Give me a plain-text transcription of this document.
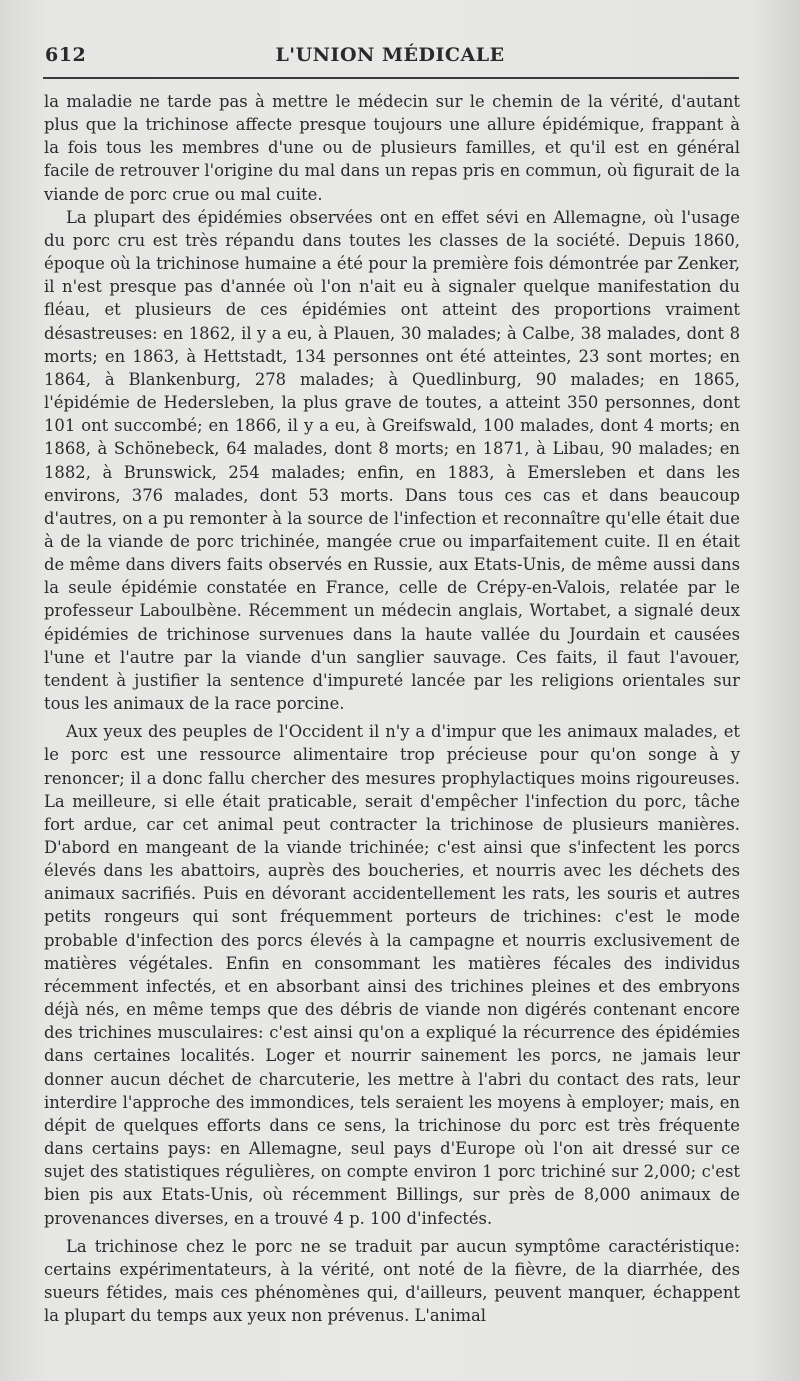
612	L'UNION MÉDICALE

la maladie ne tarde pas à mettre le médecin sur le chemin de la vérité, d'autant plus que la trichinose affecte presque toujours une allure épidémique, frappant à la fois tous les membres d'une ou de plusieurs familles, et qu'il est en général facile de retrouver l'origine du mal dans un repas pris en commun, où figurait de la viande de porc crue ou mal cuite.

La plupart des épidémies observées ont en effet sévi en Allemagne, où l'usage du porc cru est très répandu dans toutes les classes de la société. Depuis 1860, époque où la trichinose humaine a été pour la première fois démontrée par Zenker, il n'est presque pas d'année où l'on n'ait eu à signaler quelque manifestation du fléau, et plusieurs de ces épidémies ont atteint des proportions vraiment désastreuses: en 1862, il y a eu, à Plauen, 30 malades; à Calbe, 38 malades, dont 8 morts; en 1863, à Hettstadt, 134 personnes ont été atteintes, 23 sont mortes; en 1864, à Blankenburg, 278 malades; à Quedlinburg, 90 malades; en 1865, l'épidémie de Hedersleben, la plus grave de toutes, a atteint 350 personnes, dont 101 ont succombé; en 1866, il y a eu, à Greifswald, 100 malades, dont 4 morts; en 1868, à Schönebeck, 64 malades, dont 8 morts; en 1871, à Libau, 90 malades; en 1882, à Brunswick, 254 malades; enfin, en 1883, à Emersleben et dans les environs, 376 malades, dont 53 morts. Dans tous ces cas et dans beaucoup d'autres, on a pu remonter à la source de l'infection et reconnaître qu'elle était due à de la viande de porc trichinée, mangée crue ou imparfaitement cuite. Il en était de même dans divers faits observés en Russie, aux Etats-Unis, de même aussi dans la seule épidémie constatée en France, celle de Crépy-en-Valois, relatée par le professeur Laboulbène. Récemment un médecin anglais, Wortabet, a signalé deux épidémies de trichinose survenues dans la haute vallée du Jourdain et causées l'une et l'autre par la viande d'un sanglier sauvage. Ces faits, il faut l'avouer, tendent à justifier la sentence d'impureté lancée par les religions orientales sur tous les animaux de la race porcine.

Aux yeux des peuples de l'Occident il n'y a d'impur que les animaux malades, et le porc est une ressource alimentaire trop précieuse pour qu'on songe à y renoncer; il a donc fallu chercher des mesures prophylactiques moins rigoureuses. La meilleure, si elle était praticable, serait d'empêcher l'infection du porc, tâche fort ardue, car cet animal peut contracter la trichinose de plusieurs manières. D'abord en mangeant de la viande trichinée; c'est ainsi que s'infectent les porcs élevés dans les abattoirs, auprès des boucheries, et nourris avec les déchets des animaux sacrifiés. Puis en dévorant accidentellement les rats, les souris et autres petits rongeurs qui sont fréquemment porteurs de trichines: c'est le mode probable d'infection des porcs élevés à la campagne et nourris exclusivement de matières végétales. Enfin en consommant les matières fécales des individus récemment infectés, et en absorbant ainsi des trichines pleines et des embryons déjà nés, en même temps que des débris de viande non digérés contenant encore des trichines musculaires: c'est ainsi qu'on a expliqué la récurrence des épidémies dans certaines localités. Loger et nourrir sainement les porcs, ne jamais leur donner aucun déchet de charcuterie, les mettre à l'abri du contact des rats, leur interdire l'approche des immondices, tels seraient les moyens à employer; mais, en dépit de quelques efforts dans ce sens, la trichinose du porc est très fréquente dans certains pays: en Allemagne, seul pays d'Europe où l'on ait dressé sur ce sujet des statistiques régulières, on compte environ 1 porc trichiné sur 2,000; c'est bien pis aux Etats-Unis, où récemment Billings, sur près de 8,000 animaux de provenances diverses, en a trouvé 4 p. 100 d'infectés.

La trichinose chez le porc ne se traduit par aucun symptôme caractéristique: certains expérimentateurs, à la vérité, ont noté de la fièvre, de la diarrhée, des sueurs fétides, mais ces phénomènes qui, d'ailleurs, peuvent manquer, échappent la plupart du temps aux yeux non prévenus. L'animal
